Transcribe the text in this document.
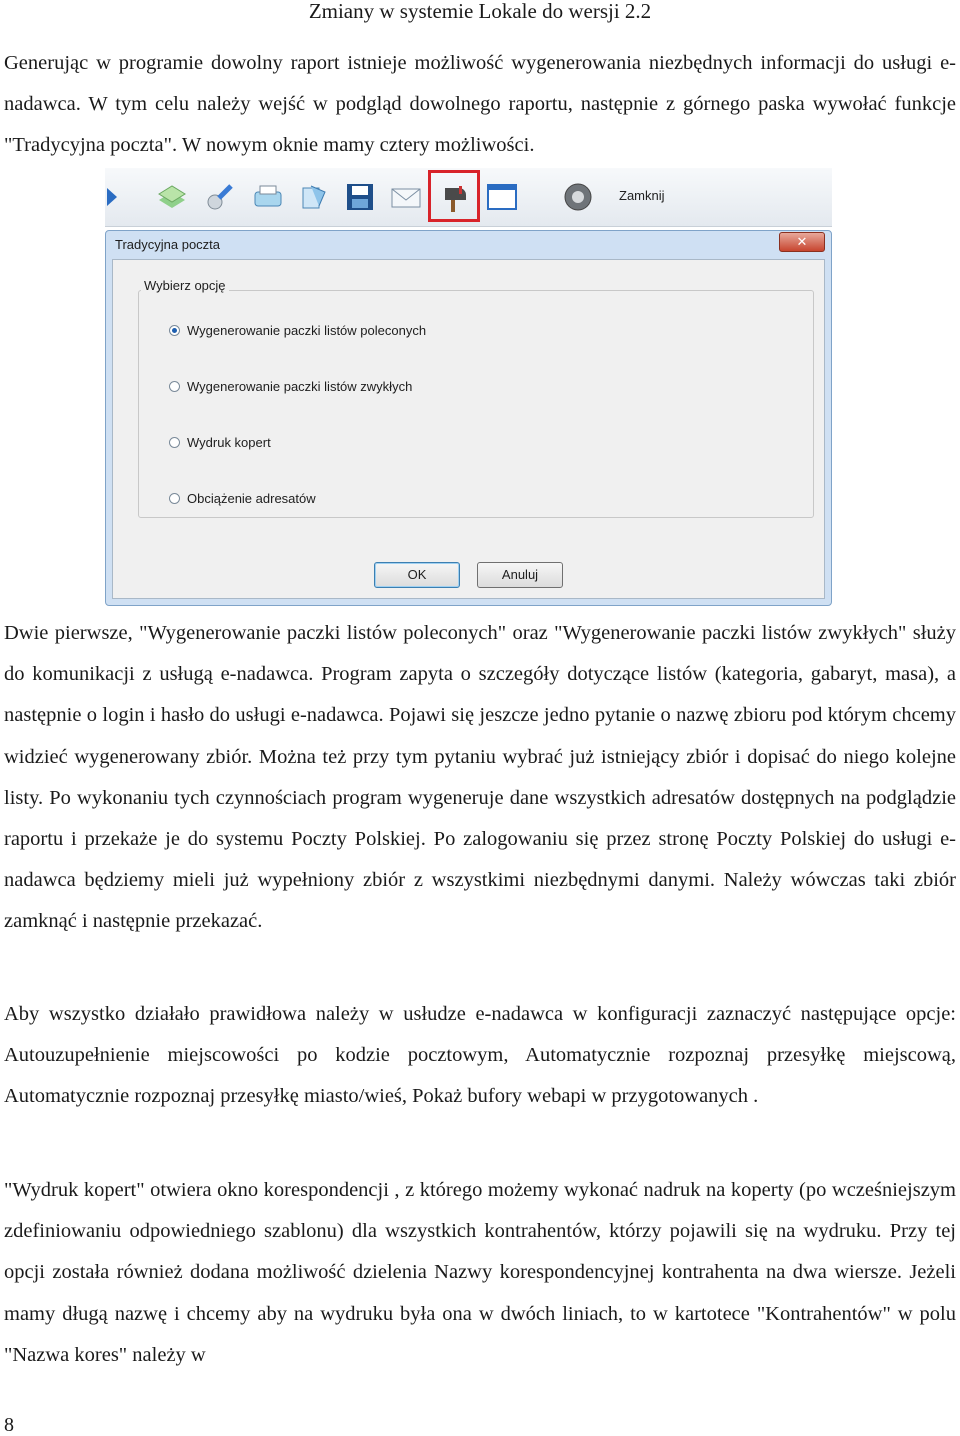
Zmiany w systemie Lokale do wersji 2.2

Generując w programie dowolny raport istnieje możliwość wygenerowania niezbędnych informacji do usługi e-nadawca. W tym celu należy wejść w podgląd dowolnego raportu, następnie z górnego paska wywołać funkcje "Tradycyjna poczta". W nowym oknie mamy cztery możliwości.

Zamknij
Tradycyjna poczta	✕
Wygenerowanie paczki listów poleconych
Wygenerowanie paczki listów zwykłych
Wydruk kopert
Obciążenie adresatów
Wybierz opcję
OK	Anuluj

Dwie pierwsze, "Wygenerowanie paczki listów poleconych" oraz "Wygenerowanie paczki listów zwykłych" służy do komunikacji z usługą e-nadawca. Program zapyta o szczegóły dotyczące listów (kategoria, gabaryt, masa), a następnie o login i hasło do usługi e-nadawca. Pojawi się jeszcze jedno pytanie o nazwę zbioru pod którym chcemy widzieć wygenerowany zbiór. Można też przy tym pytaniu wybrać już istniejący zbiór i dopisać do niego kolejne listy. Po wykonaniu tych czynnościach program wygeneruje dane wszystkich adresatów dostępnych na podglądzie raportu i przekaże je do systemu Poczty Polskiej. Po zalogowaniu się przez stronę Poczty Polskiej do usługi e-nadawca będziemy mieli już wypełniony zbiór z wszystkimi niezbędnymi danymi. Należy wówczas taki zbiór zamknąć i następnie przekazać.

Aby wszystko działało prawidłowa należy w usłudze e-nadawca w konfiguracji zaznaczyć następujące opcje: Autouzupełnienie miejscowości po kodzie pocztowym, Automatycznie rozpoznaj przesyłkę miejscową, Automatycznie rozpoznaj przesyłkę miasto/wieś, Pokaż bufory webapi w przygotowanych .

"Wydruk kopert" otwiera okno korespondencji , z którego możemy wykonać nadruk na koperty (po wcześniejszym zdefiniowaniu odpowiedniego szablonu) dla wszystkich kontrahentów, którzy pojawili się na wydruku. Przy tej opcji została również dodana możliwość dzielenia Nazwy korespondencyjnej kontrahenta na dwa wiersze. Jeżeli mamy długą nazwę i chcemy aby na wydruku była ona w dwóch liniach, to w kartotece "Kontrahentów" w polu "Nazwa kores" należy w

8
